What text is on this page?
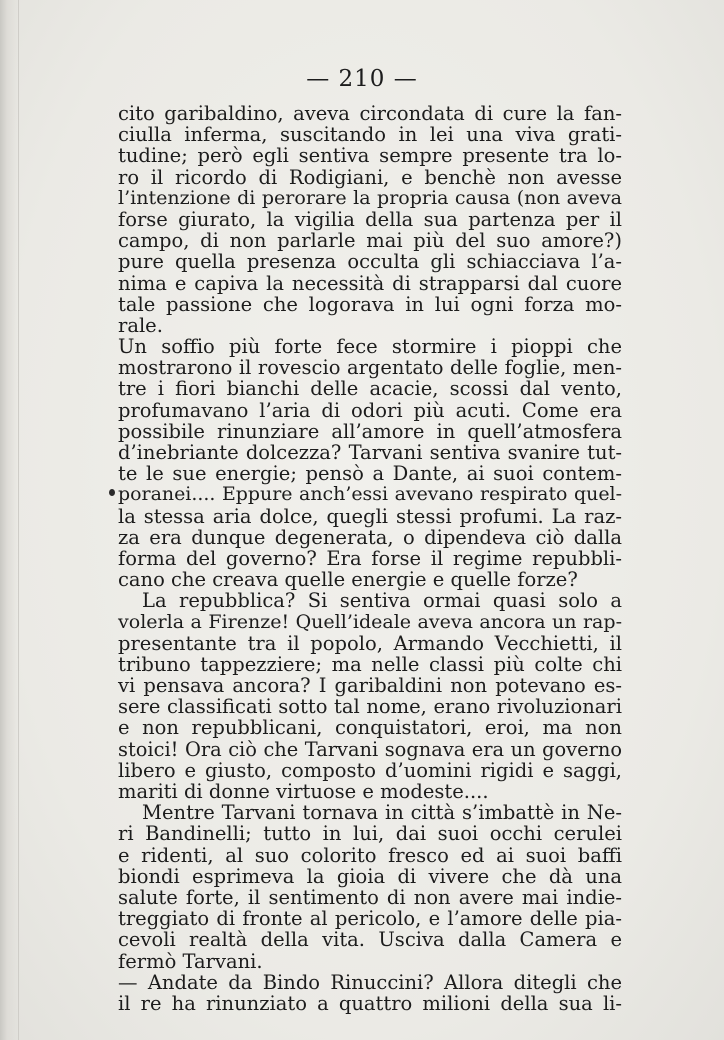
— 210 —
cito garibaldino, aveva circondata di cure la fan-
ciulla inferma, suscitando in lei una viva grati-
tudine; però egli sentiva sempre presente tra lo-
ro il ricordo di Rodigiani, e benchè non avesse
l’intenzione di perorare la propria causa (non aveva
forse giurato, la vigilia della sua partenza per il
campo, di non parlarle mai più del suo amore?)
pure quella presenza occulta gli schiacciava l’a-
nima e capiva la necessità di strapparsi dal cuore
tale passione che logorava in lui ogni forza mo-
rale.
Un soffio più forte fece stormire i pioppi che
mostrarono il rovescio argentato delle foglie, men-
tre i fiori bianchi delle acacie, scossi dal vento,
profumavano l’aria di odori più acuti. Come era
possibile rinunziare all’amore in quell’atmosfera
d’inebriante dolcezza? Tarvani sentiva svanire tut-
te le sue energie; pensò a Dante, ai suoi contem-
poranei.... Eppure anch’essi avevano respirato quel-
la stessa aria dolce, quegli stessi profumi. La raz-
za era dunque degenerata, o dipendeva ciò dalla
forma del governo? Era forse il regime repubbli-
cano che creava quelle energie e quelle forze?
La repubblica? Si sentiva ormai quasi solo a
volerla a Firenze! Quell’ideale aveva ancora un rap-
presentante tra il popolo, Armando Vecchietti, il
tribuno tappezziere; ma nelle classi più colte chi
vi pensava ancora? I garibaldini non potevano es-
sere classificati sotto tal nome, erano rivoluzionari
e non repubblicani, conquistatori, eroi, ma non
stoici! Ora ciò che Tarvani sognava era un governo
libero e giusto, composto d’uomini rigidi e saggi,
mariti di donne virtuose e modeste....
Mentre Tarvani tornava in città s’imbattè in Ne-
ri Bandinelli; tutto in lui, dai suoi occhi cerulei
e ridenti, al suo colorito fresco ed ai suoi baffi
biondi esprimeva la gioia di vivere che dà una
salute forte, il sentimento di non avere mai indie-
treggiato di fronte al pericolo, e l’amore delle pia-
cevoli realtà della vita. Usciva dalla Camera e
fermò Tarvani.
— Andate da Bindo Rinuccini? Allora ditegli che
il re ha rinunziato a quattro milioni della sua li-
